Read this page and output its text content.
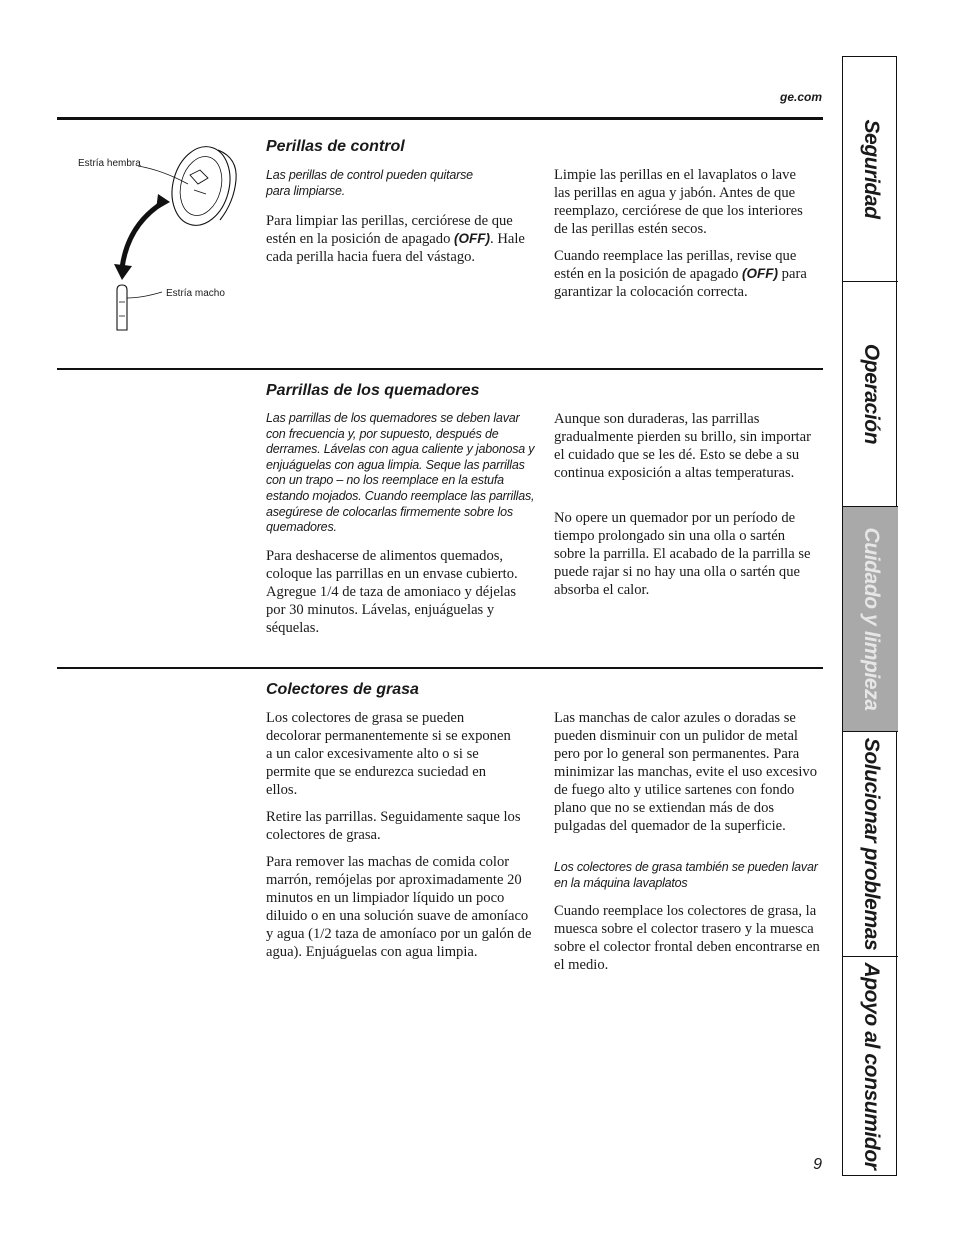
ge.com
Perillas de control
Estría hembra
Estría macho
Las perillas de control pueden quitarse para limpiarse.

Para limpiar las perillas, cerciórese de que estén en la posición de apagado (OFF). Hale cada perilla hacia fuera del vástago.

Limpie las perillas en el lavaplatos o lave las perillas en agua y jabón. Antes de que reemplazo, cerciórese de que los interiores de las perillas estén secos.

Cuando reemplace las perillas, revise que estén en la posición de apagado (OFF) para garantizar la colocación correcta.

Parrillas de los quemadores
Las parrillas de los quemadores se deben lavar con frecuencia y, por supuesto, después de derrames. Lávelas con agua caliente y jabonosa y enjuáguelas con agua limpia. Seque las parrillas con un trapo – no los reemplace en la estufa estando mojados. Cuando reemplace las parrillas, asegúrese de colocarlas firmemente sobre los quemadores.

Para deshacerse de alimentos quemados, coloque las parrillas en un envase cubierto. Agregue 1/4 de taza de amoniaco y déjelas por 30 minutos. Lávelas, enjuáguelas y séquelas.

Aunque son duraderas, las parrillas gradualmente pierden su brillo, sin importar el cuidado que se les dé. Esto se debe a su continua exposición a altas temperaturas.

No opere un quemador por un período de tiempo prolongado sin una olla o sartén sobre la parrilla. El acabado de la parrilla se puede rajar si no hay una olla o sartén que absorba el calor.

Colectores de grasa

Los colectores de grasa se pueden decolorar permanentemente si se exponen a un calor excesivamente alto o si se permite que se endurezca suciedad en ellos.

Retire las parrillas. Seguidamente saque los colectores de grasa.

Para remover las machas de comida color marrón, remójelas por aproximadamente 20 minutos en un limpiador líquido un poco diluido o en una solución suave de amoníaco y agua (1/2 taza de amoníaco por un galón de agua). Enjuáguelas con agua limpia.

Las manchas de calor azules o doradas se pueden disminuir con un pulidor de metal pero por lo general son permanentes. Para minimizar las manchas, evite el uso excesivo de fuego alto y utilice sartenes con fondo plano que no se extiendan más de dos pulgadas del quemador de la superficie.

Los colectores de grasa también se pueden lavar en la máquina lavaplatos

Cuando reemplace los colectores de grasa, la muesca sobre el colector trasero y la muesca sobre el colector frontal deben encontrarse en el medio.

Seguridad
Operación
Cuidado y limpieza
Solucionar problemas
Apoyo al consumidor
9
